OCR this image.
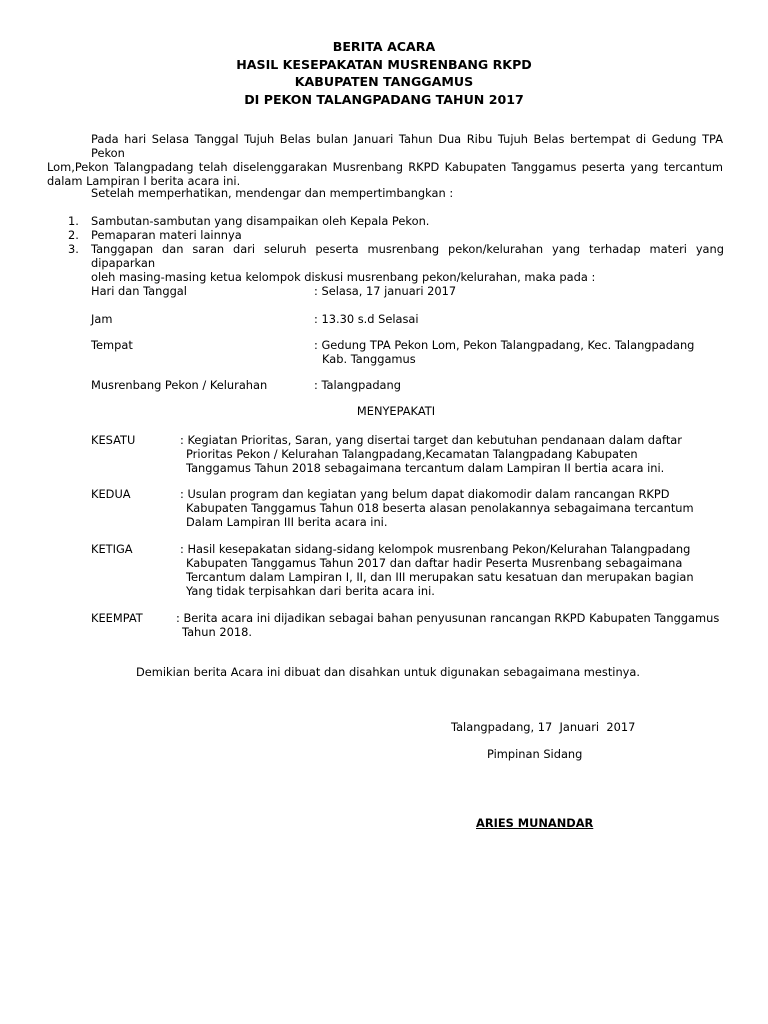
BERITA ACARA
HASIL KESEPAKATAN MUSRENBANG RKPD
KABUPATEN TANGGAMUS
DI PEKON TALANGPADANG TAHUN 2017
Pada hari Selasa Tanggal Tujuh Belas bulan Januari Tahun Dua Ribu Tujuh Belas bertempat di Gedung TPA Pekon
Lom,Pekon Talangpadang telah diselenggarakan Musrenbang RKPD Kabupaten Tanggamus peserta yang tercantum
dalam Lampiran I berita acara ini.
Setelah memperhatikan, mendengar dan mempertimbangkan :
1.	Sambutan-sambutan yang disampaikan oleh Kepala Pekon.
2.	Pemaparan materi lainnya
3.	Tanggapan dan saran dari seluruh peserta musrenbang pekon/kelurahan yang terhadap materi yang dipaparkan
oleh masing-masing ketua kelompok diskusi musrenbang pekon/kelurahan, maka pada :
Hari dan Tanggal	: Selasa, 17 januari 2017
Jam	: 13.30 s.d Selasai
Tempat	: Gedung TPA Pekon Lom, Pekon Talangpadang, Kec. Talangpadang
Kab. Tanggamus
Musrenbang Pekon / Kelurahan	: Talangpadang
MENYEPAKATI
KESATU	: Kegiatan Prioritas, Saran, yang disertai target dan kebutuhan pendanaan dalam daftar
Prioritas Pekon / Kelurahan Talangpadang,Kecamatan Talangpadang Kabupaten
Tanggamus Tahun 2018 sebagaimana tercantum dalam Lampiran II bertia acara ini.
KEDUA	: Usulan program dan kegiatan yang belum dapat diakomodir dalam rancangan RKPD
Kabupaten Tanggamus Tahun 018 beserta alasan penolakannya sebagaimana tercantum
Dalam Lampiran III berita acara ini.
KETIGA	: Hasil kesepakatan sidang-sidang kelompok musrenbang Pekon/Kelurahan Talangpadang
Kabupaten Tanggamus Tahun 2017 dan daftar hadir Peserta Musrenbang sebagaimana
Tercantum dalam Lampiran I, II, dan III merupakan satu kesatuan dan merupakan bagian
Yang tidak terpisahkan dari berita acara ini.
KEEMPAT	: Berita acara ini dijadikan sebagai bahan penyusunan rancangan RKPD Kabupaten Tanggamus
Tahun 2018.
Demikian berita Acara ini dibuat dan disahkan untuk digunakan sebagaimana mestinya.
Talangpadang, 17  Januari  2017
Pimpinan Sidang
ARIES MUNANDAR
